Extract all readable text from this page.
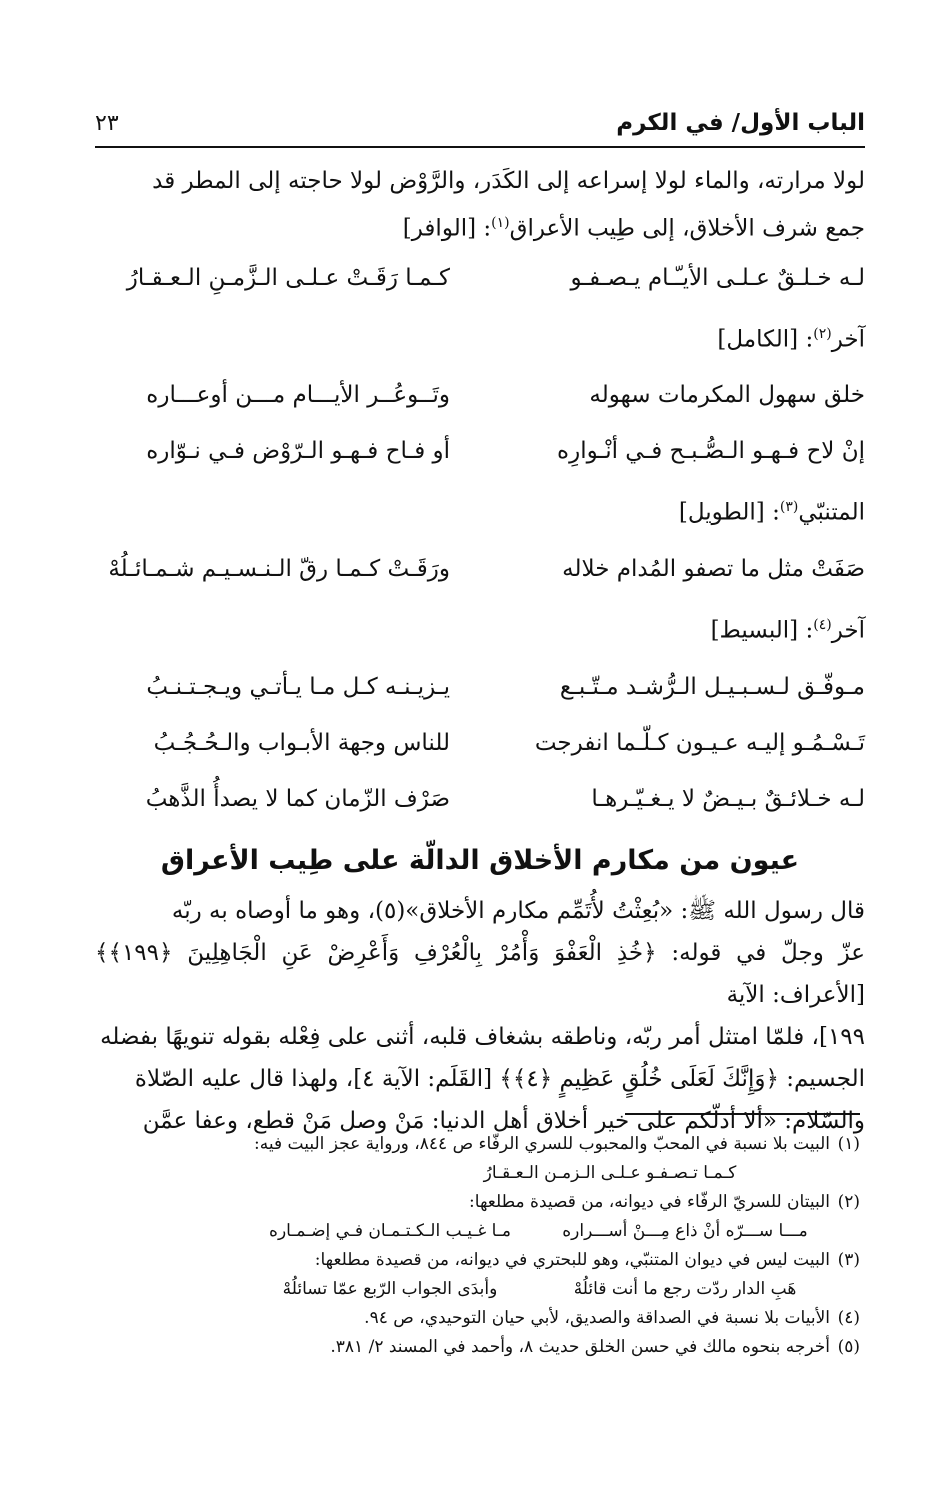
الباب الأول/ في الكرم
٢٣

لولا مرارته، والماء لولا إسراعه إلى الكَدَر، والرَّوْض لولا حاجته إلى المطر قد

جمع شرف الأخلاق، إلى طِيب الأعراق$^{(١)}$: [الوافر]

لـه خـلـقٌ عـلـى الأيـّـام يـصـفـو
كـمـا رَقَـتْ عـلـى الـزَّمـنِ الـعـقـارُ

آخر$^{(٢)}$: [الكامل]

خلق سهول المكرمات سهوله
وتَــوعُــر الأيـــام مـــن أوعـــاره
إنْ لاح فـهـو الـصُّـبـح فـي أنْـوارِه
أو فـاح فـهـو الـرّوْض فـي نـوّاره

المتنبّي$^{(٣)}$: [الطويل]

صَفَتْ مثل ما تصفو المُدام خلاله
ورَقَـتْ كـمـا رقّ الـنـسـيـم شـمـائـلُهْ

آخر$^{(٤)}$: [البسيط]

مـوفّـق لـسـبـيـل الـرُّشـد مـتّـبـع
يـزيـنـه كـل مـا يـأتـي ويـجـتـنـبُ
تَـسْـمُـو إليـه عـيـون كـلّـما انفرجت
للناس وجهة الأبـواب والـحُـجُـبُ
لـه خـلائـقٌ بـيـضٌ لا يـغـيّـرهـا
صَرْف الزّمان كما لا يصدأُ الذَّهبُ
عيون من مكارم الأخلاق الدالّة على طِيب الأعراق

قال رسول الله ﷺ: «بُعِثْتُ لأُتَمِّم مكارم الأخلاق»(٥)، وهو ما أوصاه به ربّه

عزّ وجلّ في قوله: ﴿خُذِ الْعَفْوَ وَأْمُرْ بِالْعُرْفِ وَأَعْرِضْ عَنِ الْجَاهِلِينَ ﴿١٩٩﴾﴾ [الأعراف: الآية

١٩٩]، فلمّا امتثل أمر ربّه، وناطقه بشغاف قلبه، أثنى على فِعْله بقوله تنويهًا بفضله

الجسيم: ﴿وَإِنَّكَ لَعَلَى خُلُقٍ عَظِيمٍ ﴿٤﴾﴾ [القَلَم: الآية ٤]، ولهذا قال عليه الصّلاة

والسّلام: «ألا أدلّكم على خير أخلاق أهل الدنيا: مَنْ وصل مَنْ قطع، وعفا عمَّن

(١)
البيت بلا نسبة في المحبّ والمحبوب للسري الرفّاء ص ٨٤٤، ورواية عجز البيت فيه:
كـمـا تـصـفـو عـلـى الـزمـن الـعـقـارُ
(٢)
البيتان للسريّ الرفّاء في ديوانه، من قصيدة مطلعها:
مـــا ســـرّه أنْ ذاع مِـــنْ أســـراره
مـا غـيـب الـكـتـمـان فـي إضـمـاره
(٣)
البيت ليس في ديوان المتنبّي، وهو للبحتري في ديوانه، من قصيدة مطلعها:
هَبِ الدار ردّت رجع ما أنت قائلُهْ
وأبدَى الجواب الرّبع عمّا تسائلُهْ
(٤)
الأبيات بلا نسبة في الصداقة والصديق، لأبي حيان التوحيدي، ص ٩٤.
(٥)
أخرجه بنحوه مالك في حسن الخلق حديث ٨، وأحمد في المسند ٢/ ٣٨١.
